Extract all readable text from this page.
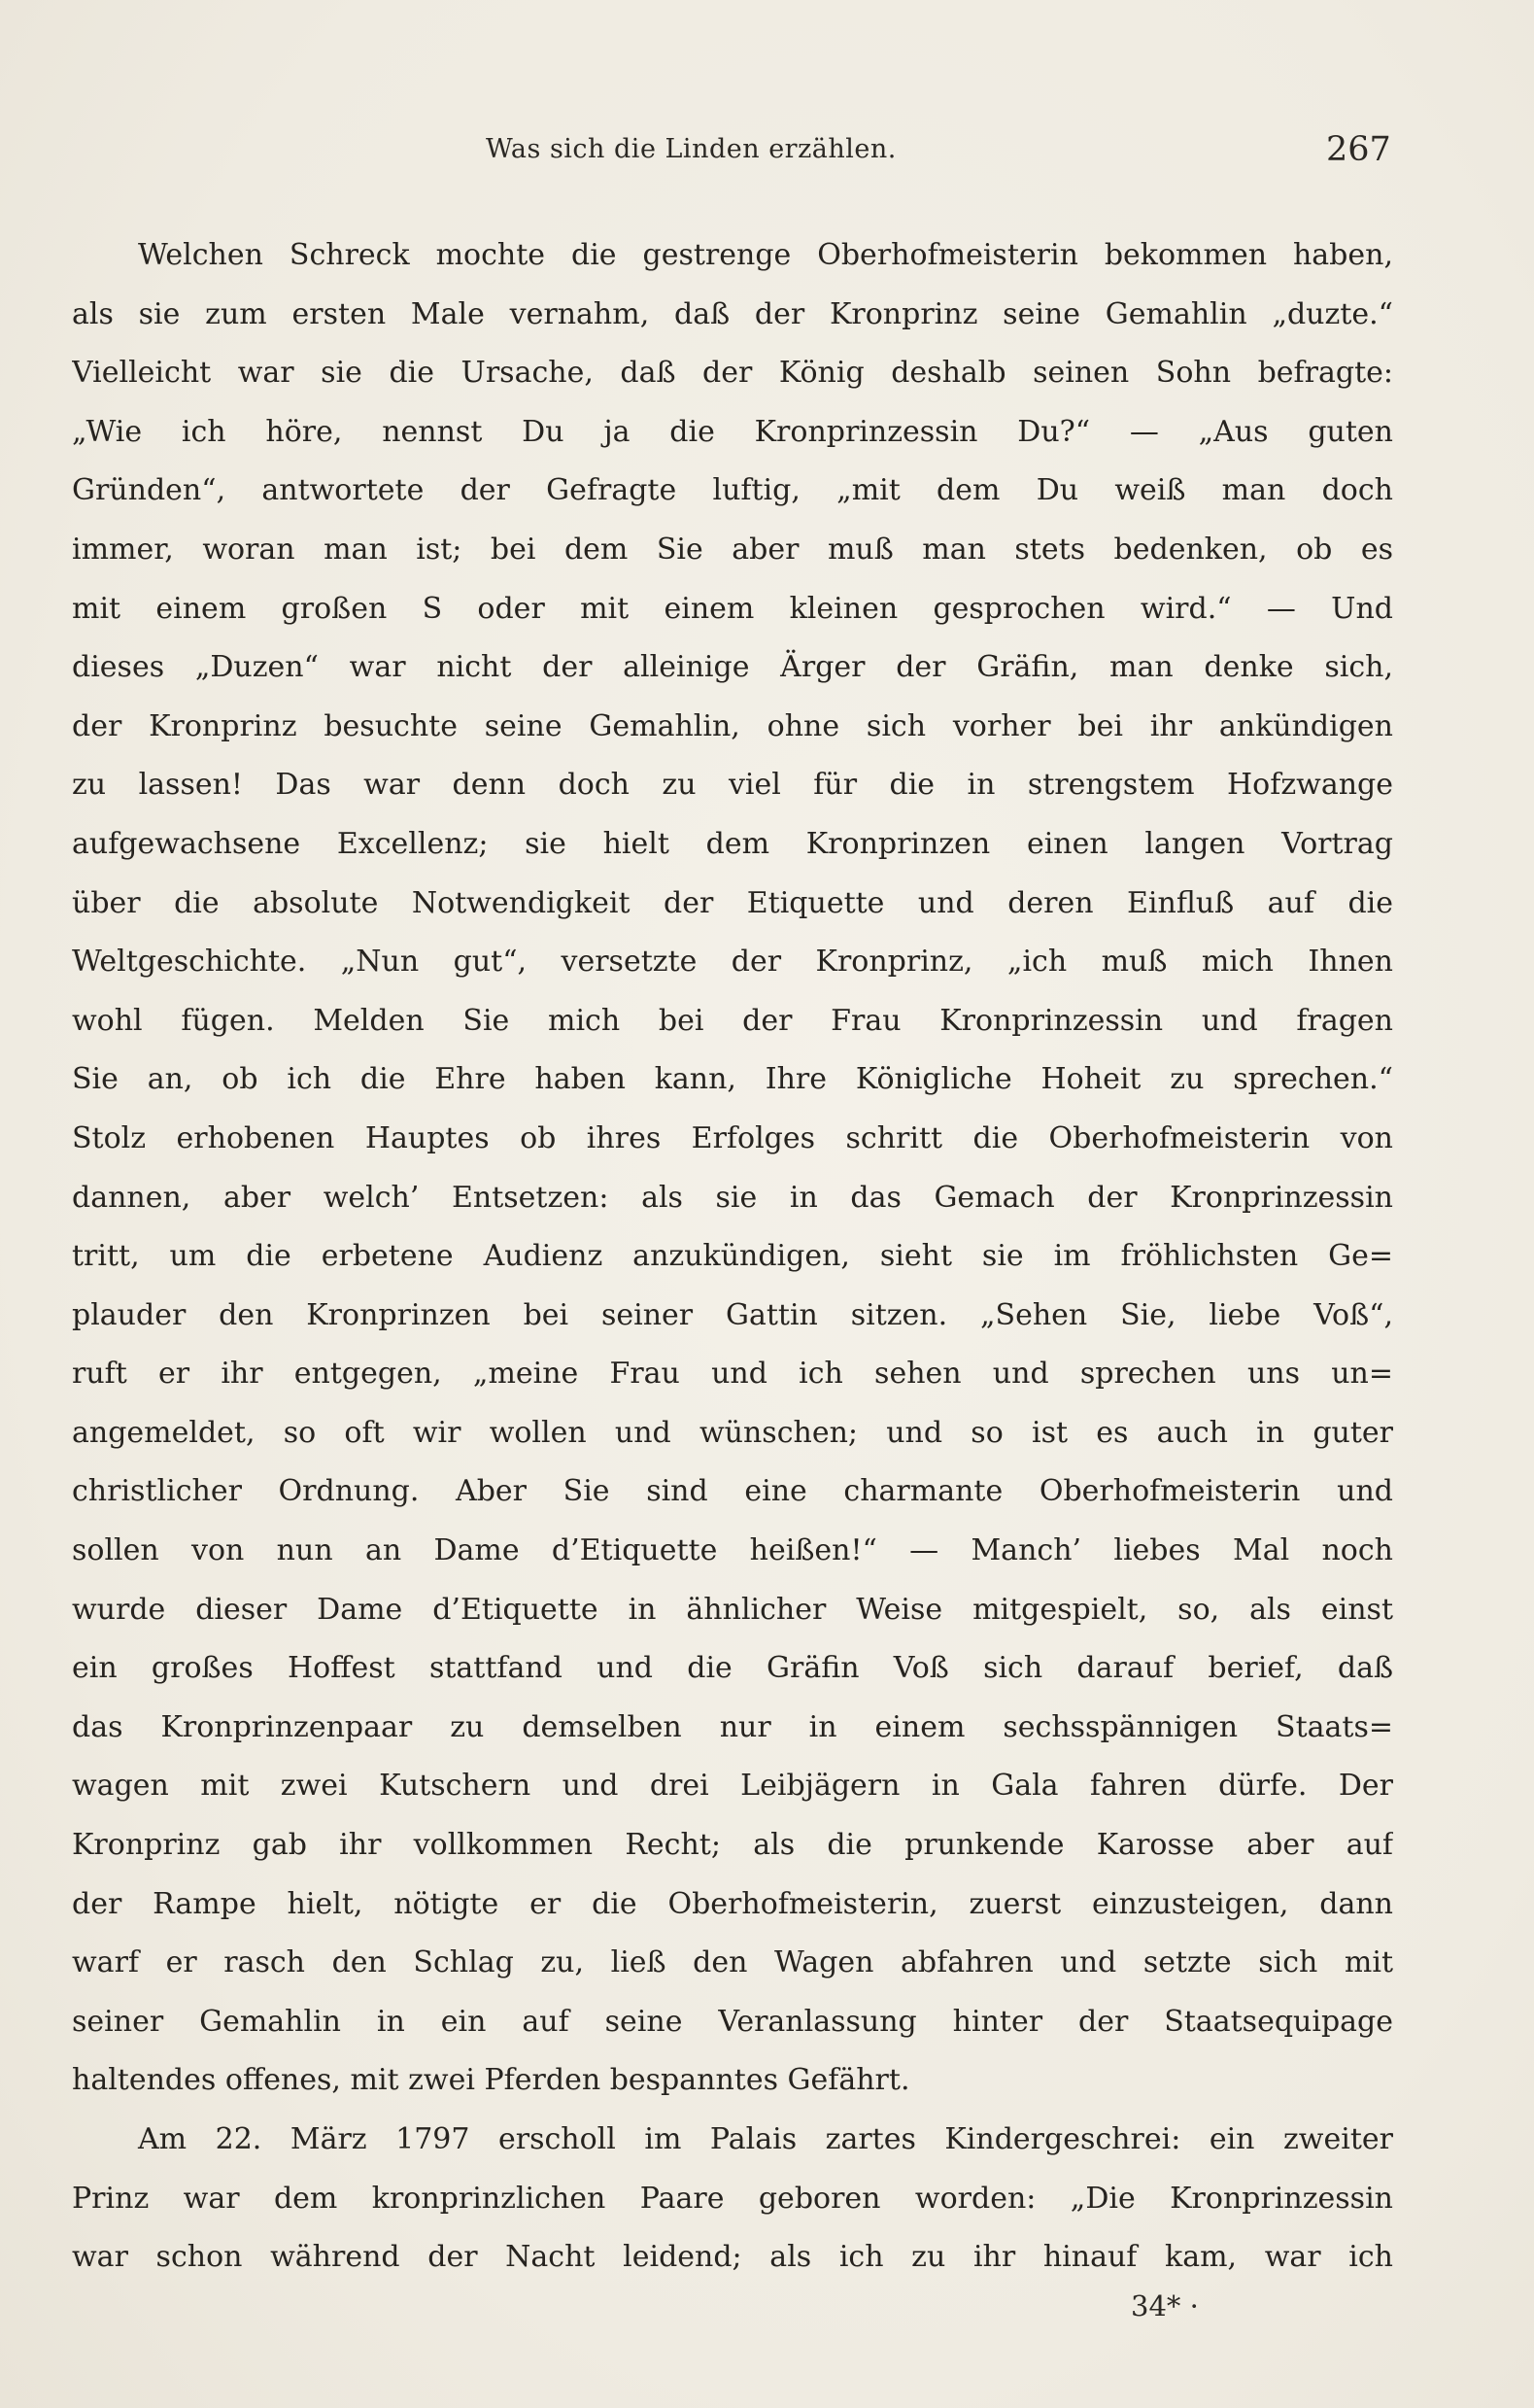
Was sich die Linden erzählen.	267
Welchen Schreck mochte die gestrenge Oberhofmeisterin bekommen haben,
als sie zum ersten Male vernahm, daß der Kronprinz seine Gemahlin „duzte.“
Vielleicht war sie die Ursache, daß der König deshalb seinen Sohn befragte:
„Wie ich höre, nennst Du ja die Kronprinzessin Du?“ — „Aus guten
Gründen“, antwortete der Gefragte luftig, „mit dem Du weiß man doch
immer, woran man ist; bei dem Sie aber muß man stets bedenken, ob es
mit einem großen S oder mit einem kleinen gesprochen wird.“ — Und
dieses „Duzen“ war nicht der alleinige Ärger der Gräfin, man denke sich,
der Kronprinz besuchte seine Gemahlin, ohne sich vorher bei ihr ankündigen
zu lassen! Das war denn doch zu viel für die in strengstem Hofzwange
aufgewachsene Excellenz; sie hielt dem Kronprinzen einen langen Vortrag
über die absolute Notwendigkeit der Etiquette und deren Einfluß auf die
Weltgeschichte. „Nun gut“, versetzte der Kronprinz, „ich muß mich Ihnen
wohl fügen. Melden Sie mich bei der Frau Kronprinzessin und fragen
Sie an, ob ich die Ehre haben kann, Ihre Königliche Hoheit zu sprechen.“
Stolz erhobenen Hauptes ob ihres Erfolges schritt die Oberhofmeisterin von
dannen, aber welch’ Entsetzen: als sie in das Gemach der Kronprinzessin
tritt, um die erbetene Audienz anzukündigen, sieht sie im fröhlichsten Ge=
plauder den Kronprinzen bei seiner Gattin sitzen. „Sehen Sie, liebe Voß“,
ruft er ihr entgegen, „meine Frau und ich sehen und sprechen uns un=
angemeldet, so oft wir wollen und wünschen; und so ist es auch in guter
christlicher Ordnung. Aber Sie sind eine charmante Oberhofmeisterin und
sollen von nun an Dame d’Etiquette heißen!“ — Manch’ liebes Mal noch
wurde dieser Dame d’Etiquette in ähnlicher Weise mitgespielt, so, als einst
ein großes Hoffest stattfand und die Gräfin Voß sich darauf berief, daß
das Kronprinzenpaar zu demselben nur in einem sechsspännigen Staats=
wagen mit zwei Kutschern und drei Leibjägern in Gala fahren dürfe. Der
Kronprinz gab ihr vollkommen Recht; als die prunkende Karosse aber auf
der Rampe hielt, nötigte er die Oberhofmeisterin, zuerst einzusteigen, dann
warf er rasch den Schlag zu, ließ den Wagen abfahren und setzte sich mit
seiner Gemahlin in ein auf seine Veranlassung hinter der Staatsequipage
haltendes offenes, mit zwei Pferden bespanntes Gefährt.
Am 22. März 1797 erscholl im Palais zartes Kindergeschrei: ein zweiter
Prinz war dem kronprinzlichen Paare geboren worden: „Die Kronprinzessin
war schon während der Nacht leidend; als ich zu ihr hinauf kam, war ich
34* ·
